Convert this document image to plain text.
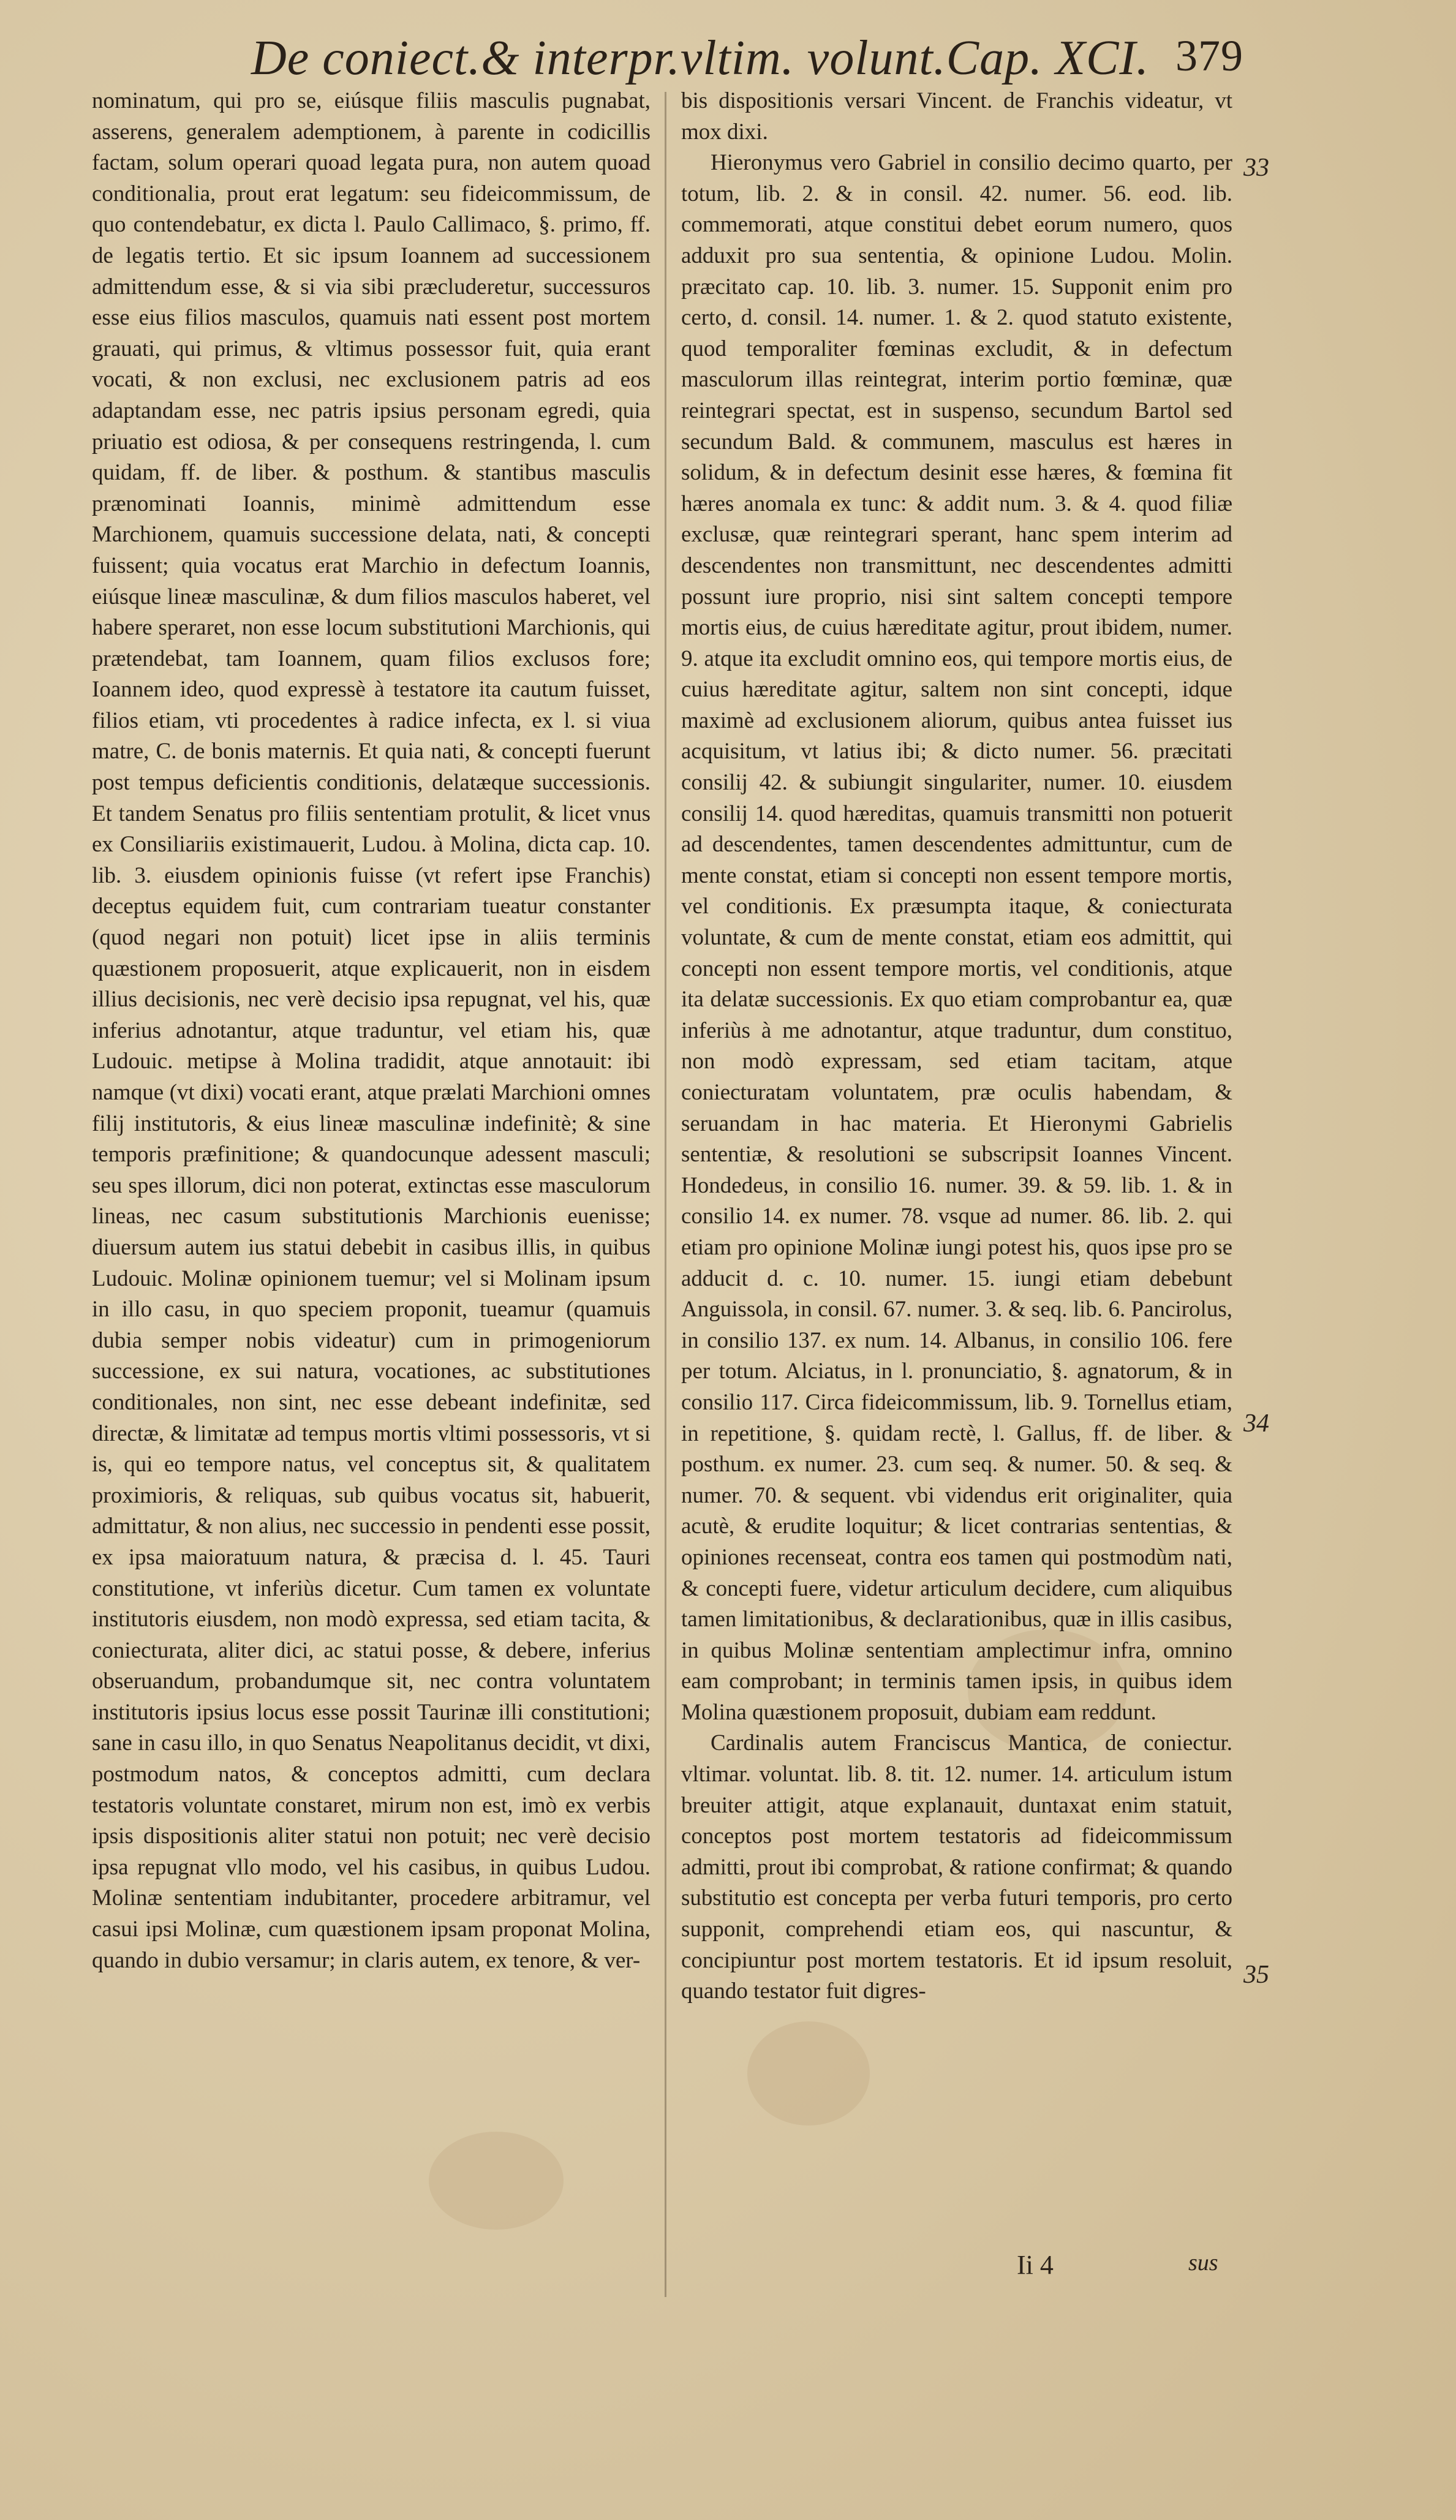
De coniect.& interpr.vltim. volunt.Cap. XCI. 379

nominatum, qui pro se, eiúsque filiis masculis pugnabat, asserens, generalem ademptionem, à parente in codicillis factam, solum operari quoad legata pura, non autem quoad conditionalia, prout erat legatum: seu fideicommissum, de quo contendebatur, ex dicta l. Paulo Callimaco, §. primo, ff. de legatis tertio. Et sic ipsum Ioannem ad successionem admittendum esse, & si via sibi præcluderetur, successuros esse eius filios masculos, quamuis nati essent post mortem grauati, qui primus, & vltimus possessor fuit, quia erant vocati, & non exclusi, nec exclusionem patris ad eos adaptandam esse, nec patris ipsius personam egredi, quia priuatio est odiosa, & per consequens restringenda, l. cum quidam, ff. de liber. & posthum. & stantibus masculis prænominati Ioannis, minimè admittendum esse Marchionem, quamuis successione delata, nati, & concepti fuissent; quia vocatus erat Marchio in defectum Ioannis, eiúsque lineæ masculinæ, & dum filios masculos haberet, vel habere speraret, non esse locum substitutioni Marchionis, qui prætendebat, tam Ioannem, quam filios exclusos fore; Ioannem ideo, quod expressè à testatore ita cautum fuisset, filios etiam, vti procedentes à radice infecta, ex l. si viua matre, C. de bonis maternis. Et quia nati, & concepti fuerunt post tempus deficientis conditionis, delatæque successionis. Et tandem Senatus pro filiis sententiam protulit, & licet vnus ex Consiliariis existimauerit, Ludou. à Molina, dicta cap. 10. lib. 3. eiusdem opinionis fuisse (vt refert ipse Franchis) deceptus equidem fuit, cum contrariam tueatur constanter (quod negari non potuit) licet ipse in aliis terminis quæstionem proposuerit, atque explicauerit, non in eisdem illius decisionis, nec verè decisio ipsa repugnat, vel his, quæ inferius adnotantur, atque traduntur, vel etiam his, quæ Ludouic. metipse à Molina tradidit, atque annotauit: ibi namque (vt dixi) vocati erant, atque prælati Marchioni omnes filij institutoris, & eius lineæ masculinæ indefinitè; & sine temporis præfinitione; & quandocunque adessent masculi; seu spes illorum, dici non poterat, extinctas esse masculorum lineas, nec casum substitutionis Marchionis euenisse; diuersum autem ius statui debebit in casibus illis, in quibus Ludouic. Molinæ opinionem tuemur; vel si Molinam ipsum in illo casu, in quo speciem proponit, tueamur (quamuis dubia semper nobis videatur) cum in primogeniorum successione, ex sui natura, vocationes, ac substitutiones conditionales, non sint, nec esse debeant indefinitæ, sed directæ, & limitatæ ad tempus mortis vltimi possessoris, vt si is, qui eo tempore natus, vel conceptus sit, & qualitatem proximioris, & reliquas, sub quibus vocatus sit, habuerit, admittatur, & non alius, nec successio in pendenti esse possit, ex ipsa maioratuum natura, & præcisa d. l. 45. Tauri constitutione, vt inferiùs dicetur. Cum tamen ex voluntate institutoris eiusdem, non modò expressa, sed etiam tacita, & coniecturata, aliter dici, ac statui posse, & debere, inferius obseruandum, probandumque sit, nec contra voluntatem institutoris ipsius locus esse possit Taurinæ illi constitutioni; sane in casu illo, in quo Senatus Neapolitanus decidit, vt dixi, postmodum natos, & conceptos admitti, cum declara testatoris voluntate constaret, mirum non est, imò ex verbis ipsis dispositionis aliter statui non potuit; nec verè decisio ipsa repugnat vllo modo, vel his casibus, in quibus Ludou. Molinæ sententiam indubitanter, procedere arbitramur, vel casui ipsi Molinæ, cum quæstionem ipsam proponat Molina, quando in dubio versamur; in claris autem, ex tenore, & ver-

bis dispositionis versari Vincent. de Franchis videatur, vt mox dixi.

Hieronymus vero Gabriel in consilio decimo quarto, per totum, lib. 2. & in consil. 42. numer. 56. eod. lib. commemorati, atque constitui debet eorum numero, quos adduxit pro sua sententia, & opinione Ludou. Molin. præcitato cap. 10. lib. 3. numer. 15. Supponit enim pro certo, d. consil. 14. numer. 1. & 2. quod statuto existente, quod temporaliter fœminas excludit, & in defectum masculorum illas reintegrat, interim portio fœminæ, quæ reintegrari spectat, est in suspenso, secundum Bartol sed secundum Bald. & communem, masculus est hæres in solidum, & in defectum desinit esse hæres, & fœmina fit hæres anomala ex tunc: & addit num. 3. & 4. quod filiæ exclusæ, quæ reintegrari sperant, hanc spem interim ad descendentes non transmittunt, nec descendentes admitti possunt iure proprio, nisi sint saltem concepti tempore mortis eius, de cuius hæreditate agitur, prout ibidem, numer. 9. atque ita excludit omnino eos, qui tempore mortis eius, de cuius hæreditate agitur, saltem non sint concepti, idque maximè ad exclusionem aliorum, quibus antea fuisset ius acquisitum, vt latius ibi; & dicto numer. 56. præcitati consilij 42. & subiungit singulariter, numer. 10. eiusdem consilij 14. quod hæreditas, quamuis transmitti non potuerit ad descendentes, tamen descendentes admittuntur, cum de mente constat, etiam si concepti non essent tempore mortis, vel conditionis. Ex præsumpta itaque, & coniecturata voluntate, & cum de mente constat, etiam eos admittit, qui concepti non essent tempore mortis, vel conditionis, atque ita delatæ successionis. Ex quo etiam comprobantur ea, quæ inferiùs à me adnotantur, atque traduntur, dum constituo, non modò expressam, sed etiam tacitam, atque coniecturatam voluntatem, præ oculis habendam, & seruandam in hac materia. Et Hieronymi Gabrielis sententiæ, & resolutioni se subscripsit Ioannes Vincent. Hondedeus, in consilio 16. numer. 39. & 59. lib. 1. & in consilio 14. ex numer. 78. vsque ad numer. 86. lib. 2. qui etiam pro opinione Molinæ iungi potest his, quos ipse pro se adducit d. c. 10. numer. 15. iungi etiam debebunt Anguissola, in consil. 67. numer. 3. & seq. lib. 6. Pancirolus, in consilio 137. ex num. 14. Albanus, in consilio 106. fere per totum. Alciatus, in l. pronunciatio, §. agnatorum, & in consilio 117. Circa fideicommissum, lib. 9. Tornellus etiam, in repetitione, §. quidam rectè, l. Gallus, ff. de liber. & posthum. ex numer. 23. cum seq. & numer. 50. & seq. & numer. 70. & sequent. vbi videndus erit originaliter, quia acutè, & erudite loquitur; & licet contrarias sententias, & opiniones recenseat, contra eos tamen qui postmodùm nati, & concepti fuere, videtur articulum decidere, cum aliquibus tamen limitationibus, & declarationibus, quæ in illis casibus, in quibus Molinæ sententiam amplectimur infra, omnino eam comprobant; in terminis tamen ipsis, in quibus idem Molina quæstionem proposuit, dubiam eam reddunt.

Cardinalis autem Franciscus Mantica, de coniectur. vltimar. voluntat. lib. 8. tit. 12. numer. 14. articulum istum breuiter attigit, atque explanauit, duntaxat enim statuit, conceptos post mortem testatoris ad fideicommissum admitti, prout ibi comprobat, & ratione confirmat; & quando substitutio est concepta per verba futuri temporis, pro certo supponit, comprehendi etiam eos, qui nascuntur, & concipiuntur post mortem testatoris. Et id ipsum resoluit, quando testator fuit digres-

33
34
35
Ii 4	sus
